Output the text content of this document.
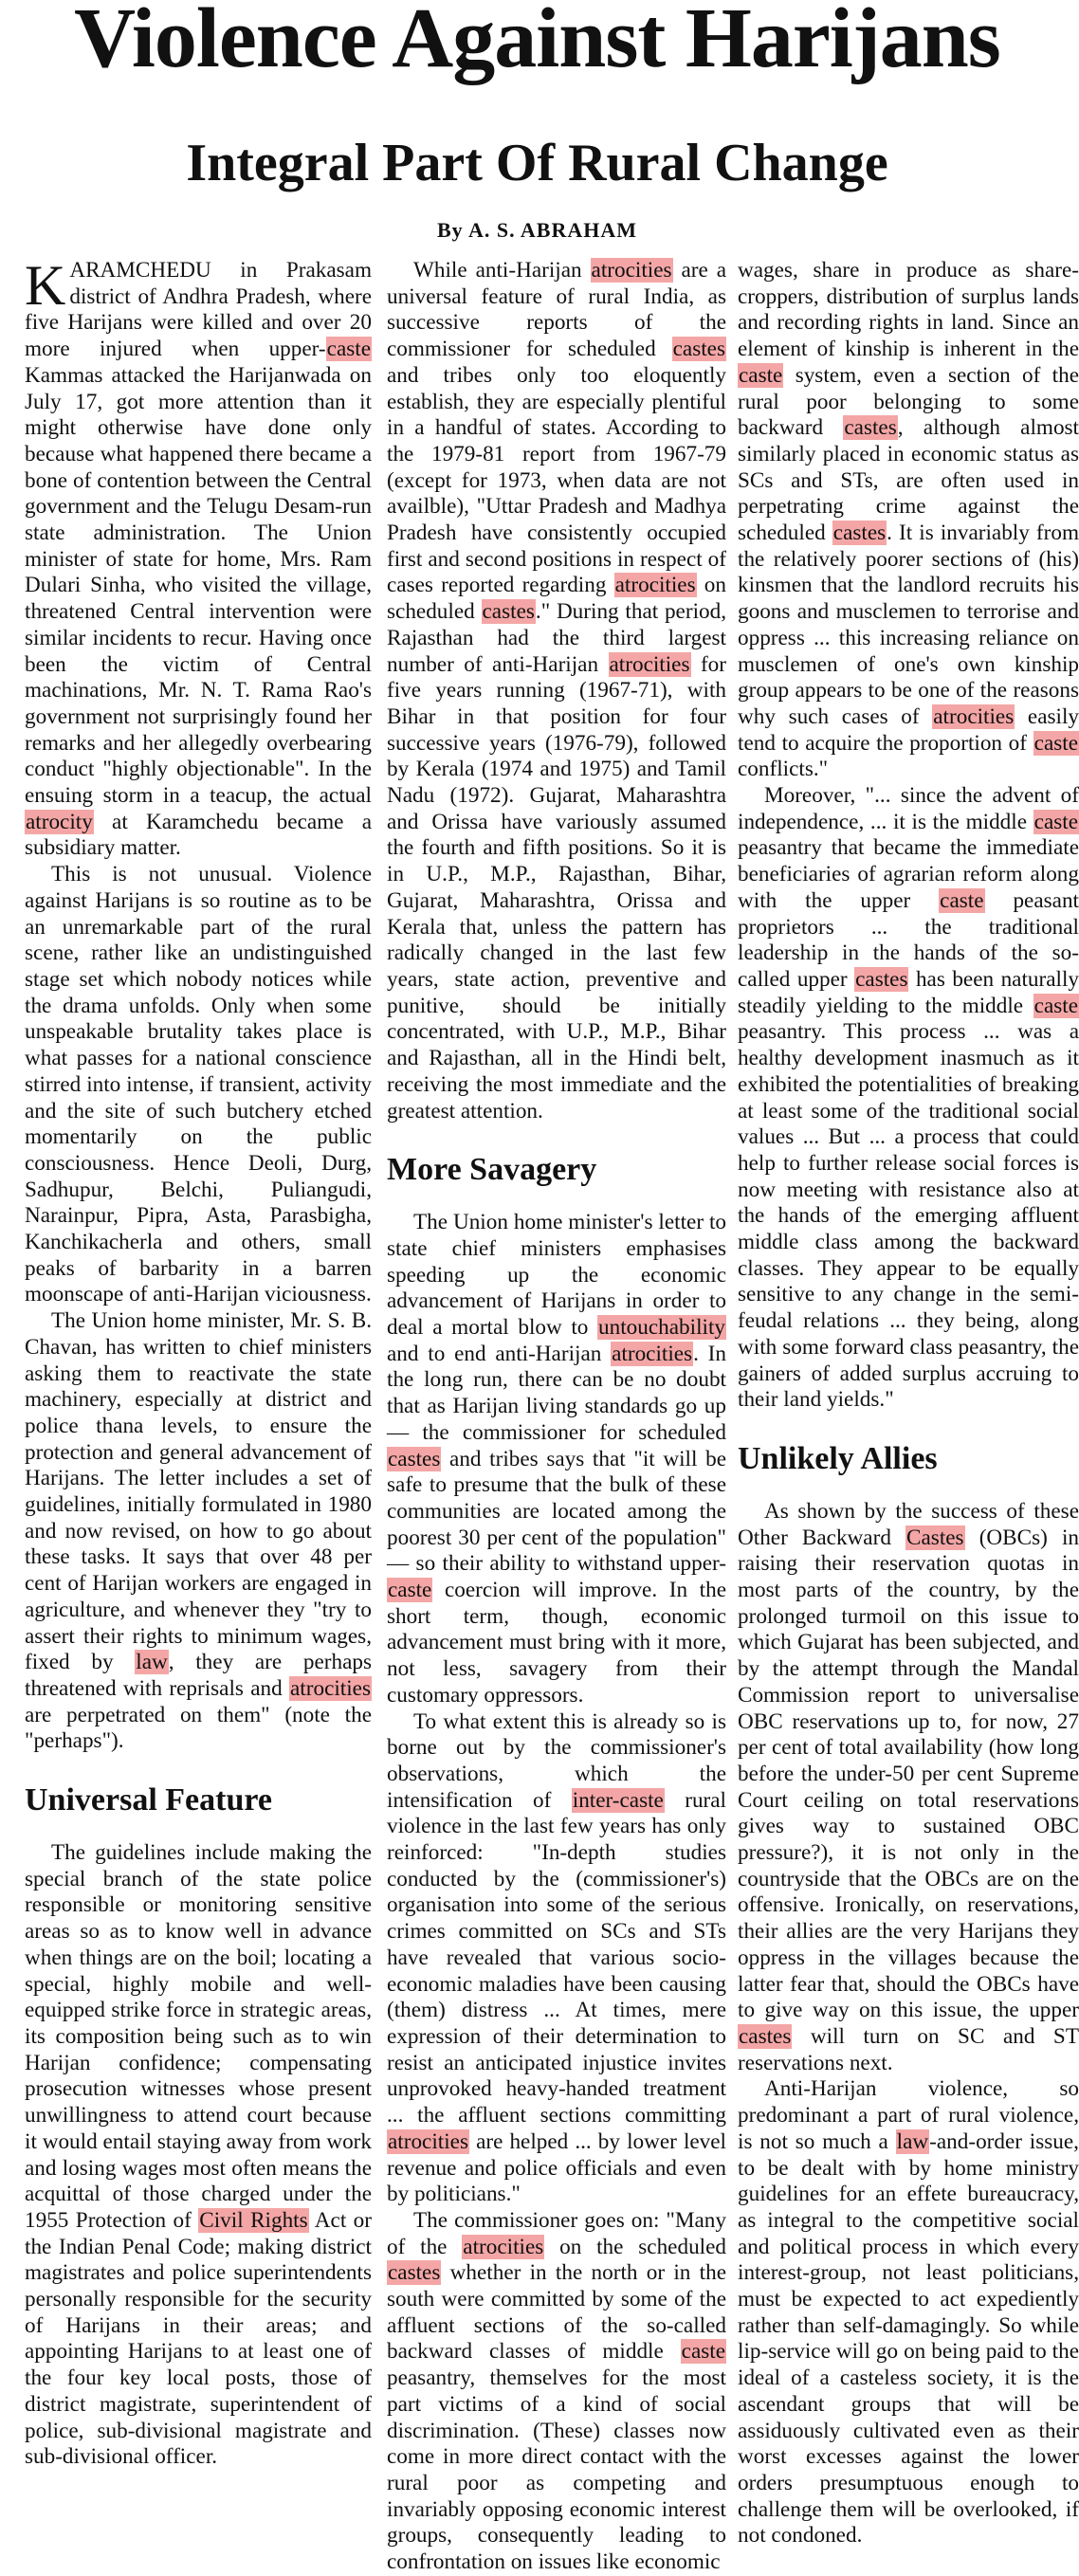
Violence Against Harijans
Integral Part Of Rural Change
By A. S. ABRAHAM

KARAMCHEDU in Prakasam district of Andhra Pradesh, where five Harijans were killed and over 20 more injured when upper-caste Kammas attacked the Harijanwada on July 17, got more attention than it might otherwise have done only because what happened there became a bone of contention between the Central government and the Telugu Desam-run state administration. The Union minister of state for home, Mrs. Ram Dulari Sinha, who visited the village, threatened Central intervention were similar incidents to recur. Having once been the victim of Central machinations, Mr. N. T. Rama Rao's government not surprisingly found her remarks and her allegedly overbearing conduct "highly objectionable". In the ensuing storm in a teacup, the actual atrocity at Karamchedu became a subsidiary matter.

This is not unusual. Violence against Harijans is so routine as to be an unremarkable part of the rural scene, rather like an undistinguished stage set which nobody notices while the drama unfolds. Only when some unspeakable brutality takes place is what passes for a national conscience stirred into intense, if transient, activity and the site of such butchery etched momentarily on the public consciousness. Hence Deoli, Durg, Sadhupur, Belchi, Puliangudi, Narainpur, Pipra, Asta, Parasbigha, Kanchikacherla and others, small peaks of barbarity in a barren moonscape of anti-Harijan viciousness.

The Union home minister, Mr. S. B. Chavan, has written to chief ministers asking them to reactivate the state machinery, especially at district and police thana levels, to ensure the protection and general advancement of Harijans. The letter includes a set of guidelines, initially formulated in 1980 and now revised, on how to go about these tasks. It says that over 48 per cent of Harijan workers are engaged in agriculture, and whenever they "try to assert their rights to minimum wages, fixed by law, they are perhaps threatened with reprisals and atrocities are perpetrated on them" (note the "perhaps").

Universal Feature

The guidelines include making the special branch of the state police responsible or monitoring sensitive areas so as to know well in advance when things are on the boil; locating a special, highly mobile and well-equipped strike force in strategic areas, its composition being such as to win Harijan confidence; compensating prosecution witnesses whose present unwillingness to attend court because it would entail staying away from work and losing wages most often means the acquittal of those charged under the 1955 Protection of Civil Rights Act or the Indian Penal Code; making district magistrates and police superintendents personally responsible for the security of Harijans in their areas; and appointing Harijans to at least one of the four key local posts, those of district magistrate, superintendent of police, sub-divisional magistrate and sub-divisional officer.

While anti-Harijan atrocities are a universal feature of rural India, as successive reports of the commissioner for scheduled castes and tribes only too eloquently establish, they are especially plentiful in a handful of states. According to the 1979-81 report from 1967-79 (except for 1973, when data are not availble), "Uttar Pradesh and Madhya Pradesh have consistently occupied first and second positions in respect of cases reported regarding atrocities on scheduled castes." During that period, Rajasthan had the third largest number of anti-Harijan atrocities for five years running (1967-71), with Bihar in that position for four successive years (1976-79), followed by Kerala (1974 and 1975) and Tamil Nadu (1972). Gujarat, Maharashtra and Orissa have variously assumed the fourth and fifth positions. So it is in U.P., M.P., Rajasthan, Bihar, Gujarat, Maharashtra, Orissa and Kerala that, unless the pattern has radically changed in the last few years, state action, preventive and punitive, should be initially concentrated, with U.P., M.P., Bihar and Rajasthan, all in the Hindi belt, receiving the most immediate and the greatest attention.

More Savagery

The Union home minister's letter to state chief ministers emphasises speeding up the economic advancement of Harijans in order to deal a mortal blow to untouchability and to end anti-Harijan atrocities. In the long run, there can be no doubt that as Harijan living standards go up — the commissioner for scheduled castes and tribes says that "it will be safe to presume that the bulk of these communities are located among the poorest 30 per cent of the population" — so their ability to withstand upper-caste coercion will improve. In the short term, though, economic advancement must bring with it more, not less, savagery from their customary oppressors.

To what extent this is already so is borne out by the commissioner's observations, which the intensification of inter-caste rural violence in the last few years has only reinforced: "In-depth studies conducted by the (commissioner's) organisation into some of the serious crimes committed on SCs and STs have revealed that various socio-economic maladies have been causing (them) distress ... At times, mere expression of their determination to resist an anticipated injustice invites unprovoked heavy-handed treatment ... the affluent sections committing atrocities are helped ... by lower level revenue and police officials and even by politicians."

The commissioner goes on: "Many of the atrocities on the scheduled castes whether in the north or in the south were committed by some of the affluent sections of the so-called backward classes of middle caste peasantry, themselves for the most part victims of a kind of social discrimination. (These) classes now come in more direct contact with the rural poor as competing and invariably opposing economic interest groups, consequently leading to confrontation on issues like economic

wages, share in produce as share-croppers, distribution of surplus lands and recording rights in land. Since an element of kinship is inherent in the caste system, even a section of the rural poor belonging to some backward castes, although almost similarly placed in economic status as SCs and STs, are often used in perpetrating crime against the scheduled castes. It is invariably from the relatively poorer sections of (his) kinsmen that the landlord recruits his goons and musclemen to terrorise and oppress ... this increasing reliance on musclemen of one's own kinship group appears to be one of the reasons why such cases of atrocities easily tend to acquire the proportion of caste conflicts."

Moreover, "... since the advent of independence, ... it is the middle caste peasantry that became the immediate beneficiaries of agrarian reform along with the upper caste peasant proprietors ... the traditional leadership in the hands of the so-called upper castes has been naturally steadily yielding to the middle caste peasantry. This process ... was a healthy development inasmuch as it exhibited the potentialities of breaking at least some of the traditional social values ... But ... a process that could help to further release social forces is now meeting with resistance also at the hands of the emerging affluent middle class among the backward classes. They appear to be equally sensitive to any change in the semi-feudal relations ... they being, along with some forward class peasantry, the gainers of added surplus accruing to their land yields."

Unlikely Allies

As shown by the success of these Other Backward Castes (OBCs) in raising their reservation quotas in most parts of the country, by the prolonged turmoil on this issue to which Gujarat has been subjected, and by the attempt through the Mandal Commission report to universalise OBC reservations up to, for now, 27 per cent of total availability (how long before the under-50 per cent Supreme Court ceiling on total reservations gives way to sustained OBC pressure?), it is not only in the countryside that the OBCs are on the offensive. Ironically, on reservations, their allies are the very Harijans they oppress in the villages because the latter fear that, should the OBCs have to give way on this issue, the upper castes will turn on SC and ST reservations next.

Anti-Harijan violence, so predominant a part of rural violence, is not so much a law-and-order issue, to be dealt with by home ministry guidelines for an effete bureaucracy, as integral to the competitive social and political process in which every interest-group, not least politicians, must be expected to act expediently rather than self-damagingly. So while lip-service will go on being paid to the ideal of a casteless society, it is the ascendant groups that will be assiduously cultivated even as their worst excesses against the lower orders presumptuous enough to challenge them will be overlooked, if not condoned.
